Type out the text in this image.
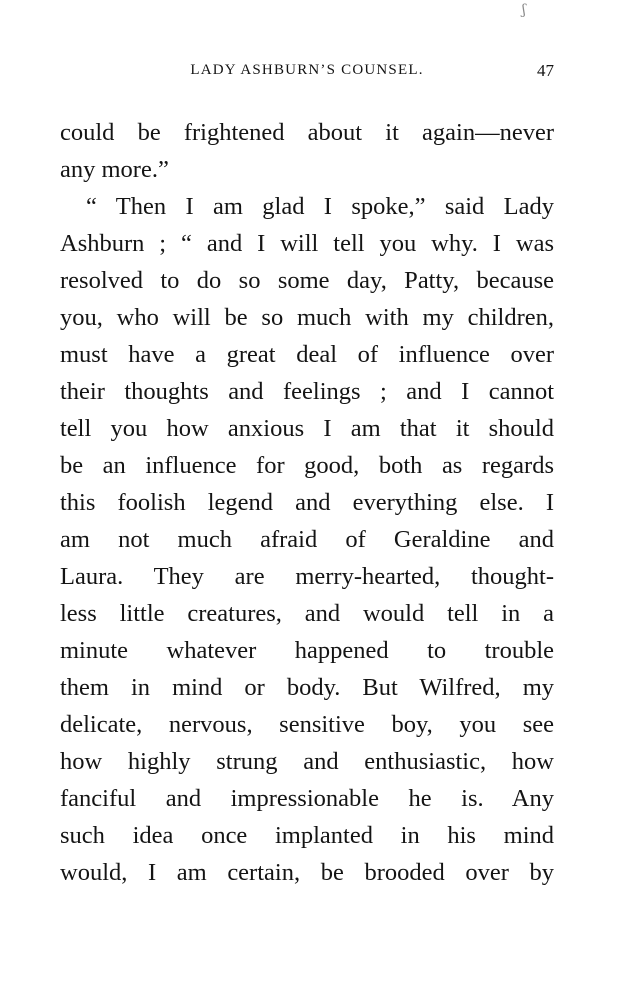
ʃ
LADY ASHBURN’S COUNSEL.	47
could be frightened about it again—never
any more.”
“ Then I am glad I spoke,” said Lady
Ashburn ; “ and I will tell you why. I was
resolved to do so some day, Patty, because
you, who will be so much with my children,
must have a great deal of influence over
their thoughts and feelings ; and I cannot
tell you how anxious I am that it should
be an influence for good, both as regards
this foolish legend and everything else. I
am not much afraid of Geraldine and
Laura. They are merry-hearted, thought-
less little creatures, and would tell in a
minute whatever happened to trouble
them in mind or body. But Wilfred, my
delicate, nervous, sensitive boy, you see
how highly strung and enthusiastic, how
fanciful and impressionable he is. Any
such idea once implanted in his mind
would, I am certain, be brooded over by
